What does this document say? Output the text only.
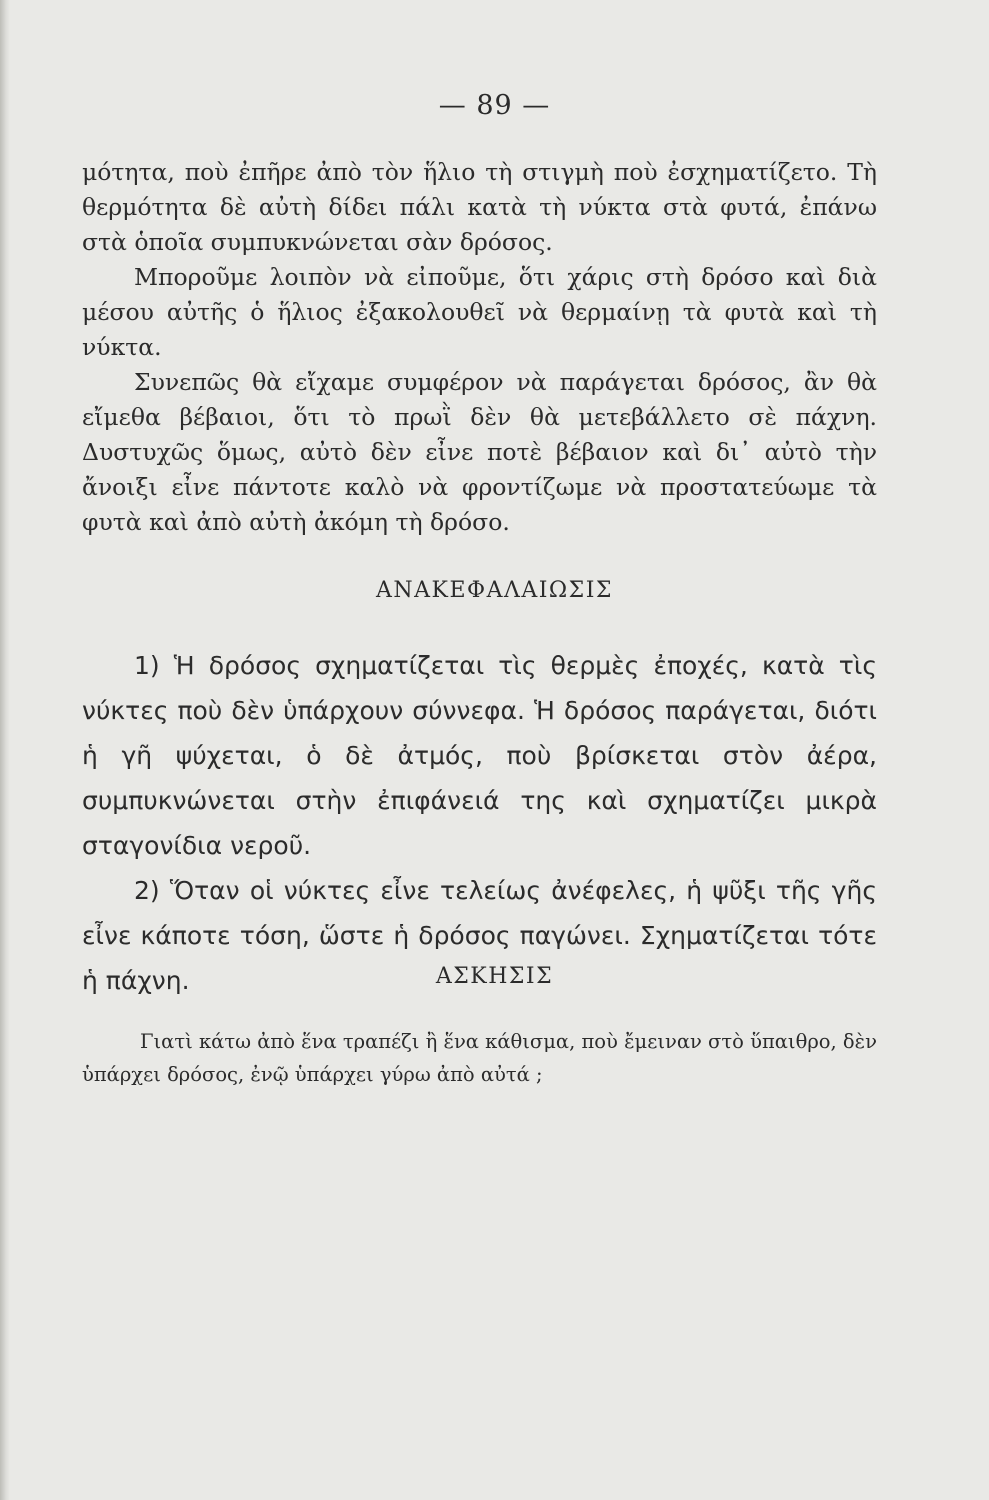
— 89 —

μότητα, ποὺ ἐπῆρε ἀπὸ τὸν ἥλιο τὴ στιγμὴ ποὺ ἐσχηματίζετο. Τὴ θερμότητα δὲ αὐτὴ δίδει πάλι κατὰ τὴ νύκτα στὰ φυτά, ἐπάνω στὰ ὁποῖα συμπυκνώνεται σὰν δρόσος.

Μποροῦμε λοιπὸν νὰ εἰποῦμε, ὅτι χάρις στὴ δρόσο καὶ διὰ μέσου αὐτῆς ὁ ἥλιος ἐξακολουθεῖ νὰ θερμαίνῃ τὰ φυτὰ καὶ τὴ νύκτα.

Συνεπῶς θὰ εἴχαμε συμφέρον νὰ παράγεται δρόσος, ἂν θὰ εἴμεθα βέβαιοι, ὅτι τὸ πρωῒ δὲν θὰ μετεβάλλετο σὲ πάχνη. Δυστυχῶς ὅμως, αὐτὸ δὲν εἶνε ποτὲ βέβαιον καὶ δι᾽ αὐτὸ τὴν ἄνοιξι εἶνε πάντοτε καλὸ νὰ φροντίζωμε νὰ προστατεύωμε τὰ φυτὰ καὶ ἀπὸ αὐτὴ ἀκόμη τὴ δρόσο.

ΑΝΑΚΕΦΑΛΑΙΩΣΙΣ

1) Ἡ δρόσος σχηματίζεται τὶς θερμὲς ἐποχές, κατὰ τὶς νύκτες ποὺ δὲν ὑπάρχουν σύννεφα. Ἡ δρόσος παράγεται, διότι ἡ γῆ ψύχεται, ὁ δὲ ἀτμός, ποὺ βρίσκεται στὸν ἀέρα, συμπυκνώνεται στὴν ἐπιφάνειά της καὶ σχηματίζει μικρὰ σταγονίδια νεροῦ.

2) Ὅταν οἱ νύκτες εἶνε τελείως ἀνέφελες, ἡ ψῦξι τῆς γῆς εἶνε κάποτε τόση, ὥστε ἡ δρόσος παγώνει. Σχηματίζεται τότε ἡ πάχνη.	ΑΣΚΗΣΙΣ

Γιατὶ κάτω ἀπὸ ἕνα τραπέζι ἢ ἕνα κάθισμα, ποὺ ἔμειναν στὸ ὕπαιθρο, δὲν ὑπάρχει δρόσος, ἐνῷ ὑπάρχει γύρω ἀπὸ αὐτά ;
